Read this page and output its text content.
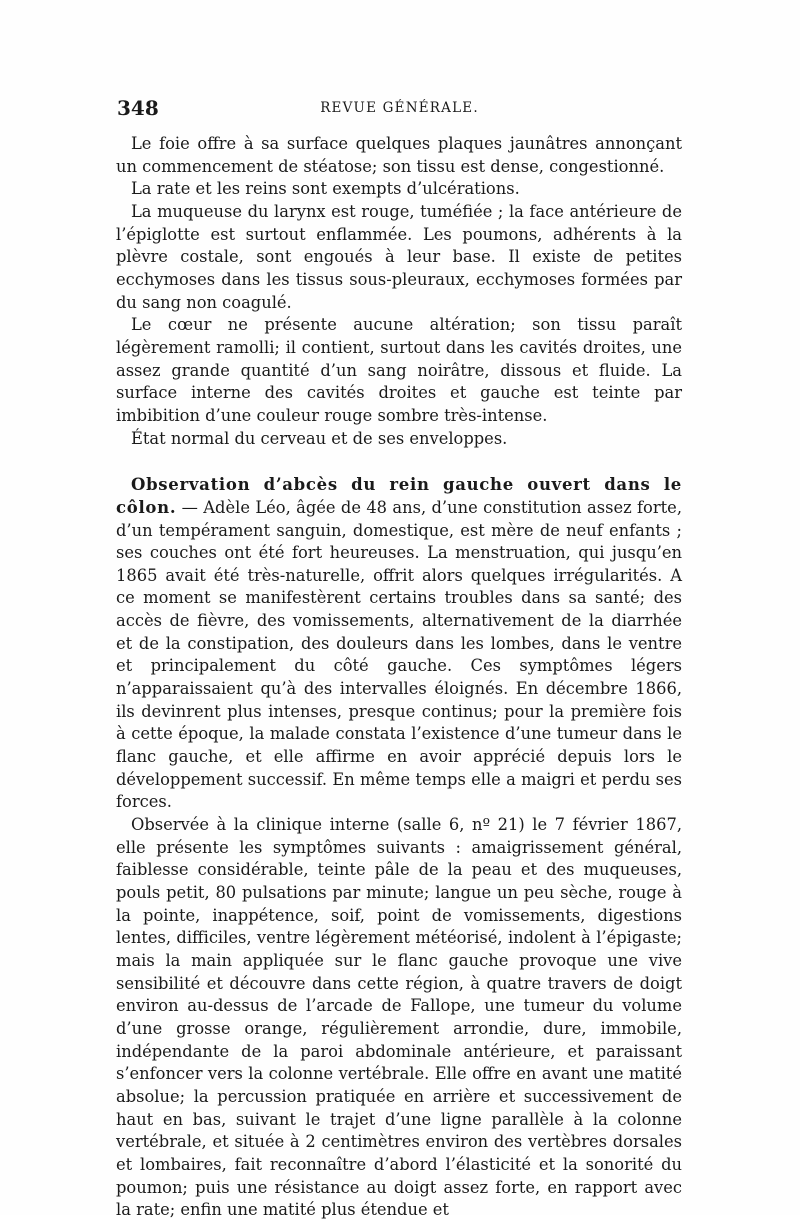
348	REVUE GÉNÉRALE.

Le foie offre à sa surface quelques plaques jaunâtres annonçant un commencement de stéatose; son tissu est dense, congestionné.

La rate et les reins sont exempts d’ulcérations.

La muqueuse du larynx est rouge, tuméfiée ; la face antérieure de l’épiglotte est surtout enflammée. Les poumons, adhérents à la plèvre costale, sont engoués à leur base. Il existe de petites ecchymoses dans les tissus sous-pleuraux, ecchymoses formées par du sang non coagulé.

Le cœur ne présente aucune altération; son tissu paraît légèrement ramolli; il contient, surtout dans les cavités droites, une assez grande quantité d’un sang noirâtre, dissous et fluide. La surface interne des cavités droites et gauche est teinte par imbibition d’une couleur rouge sombre très-intense.

État normal du cerveau et de ses enveloppes.

Observation d’abcès du rein gauche ouvert dans le côlon. — Adèle Léo, âgée de 48 ans, d’une constitution assez forte, d’un tempérament sanguin, domestique, est mère de neuf enfants ; ses couches ont été fort heureuses. La menstruation, qui jusqu’en 1865 avait été très-naturelle, offrit alors quelques irrégularités. A ce moment se manifestèrent certains troubles dans sa santé; des accès de fièvre, des vomissements, alternativement de la diarrhée et de la constipation, des douleurs dans les lombes, dans le ventre et principalement du côté gauche. Ces symptômes légers n’apparaissaient qu’à des intervalles éloignés. En décembre 1866, ils devinrent plus intenses, presque continus; pour la première fois à cette époque, la malade constata l’existence d’une tumeur dans le flanc gauche, et elle affirme en avoir apprécié depuis lors le développement successif. En même temps elle a maigri et perdu ses forces.

Observée à la clinique interne (salle 6, nº 21) le 7 février 1867, elle présente les symptômes suivants : amaigrissement général, faiblesse considérable, teinte pâle de la peau et des muqueuses, pouls petit, 80 pulsations par minute; langue un peu sèche, rouge à la pointe, inappétence, soif, point de vomissements, digestions lentes, difficiles, ventre légèrement météorisé, indolent à l’épigaste; mais la main appliquée sur le flanc gauche provoque une vive sensibilité et découvre dans cette région, à quatre travers de doigt environ au-dessus de l’arcade de Fallope, une tumeur du volume d’une grosse orange, régulièrement arrondie, dure, immobile, indépendante de la paroi abdominale antérieure, et paraissant s’enfoncer vers la colonne vertébrale. Elle offre en avant une matité absolue; la percussion pratiquée en arrière et successivement de haut en bas, suivant le trajet d’une ligne parallèle à la colonne vertébrale, et située à 2 centimètres environ des vertèbres dorsales et lombaires, fait reconnaître d’abord l’élasticité et la sonorité du poumon; puis une résistance au doigt assez forte, en rapport avec la rate; enfin une matité plus étendue et
